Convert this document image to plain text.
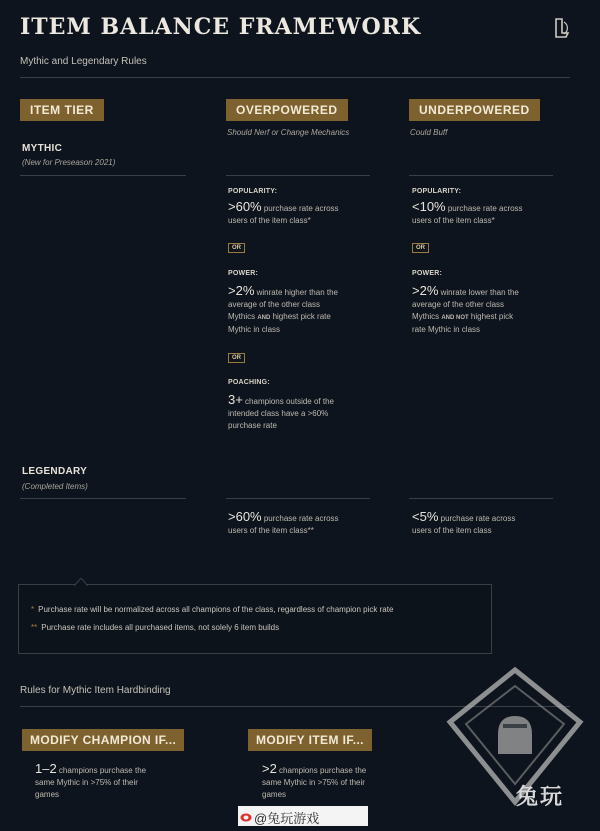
ITEM BALANCE FRAMEWORK
Mythic and Legendary Rules
ITEM TIER	OVERPOWERED
Should Nerf or Change Mechanics
UNDERPOWERED
Could Buff
MYTHIC
(New for Preseason 2021)
POPULARITY:
>60% purchase rate across
users of the item class*
OR
POWER:
>2% winrate higher than the
average of the other class
Mythics AND highest pick rate
Mythic in class
OR
POACHING:
3+ champions outside of the
intended class have a >60%
purchase rate
POPULARITY:
<10% purchase rate across
users of the item class*
OR
POWER:
>2% winrate lower than the
average of the other class
Mythics AND NOT highest pick
rate Mythic in class
LEGENDARY
(Completed Items)
>60% purchase rate across
users of the item class**
<5% purchase rate across
users of the item class
* Purchase rate will be normalized across all champions of the class, regardless of champion pick rate
** Purchase rate includes all purchased items, not solely 6 item builds
Rules for Mythic Item Hardbinding
MODIFY CHAMPION IF...
1–2 champions purchase the
same Mythic in >75% of their
games
MODIFY ITEM IF...
>2 champions purchase the
same Mythic in >75% of their
games	兔玩
@兔玩游戏
